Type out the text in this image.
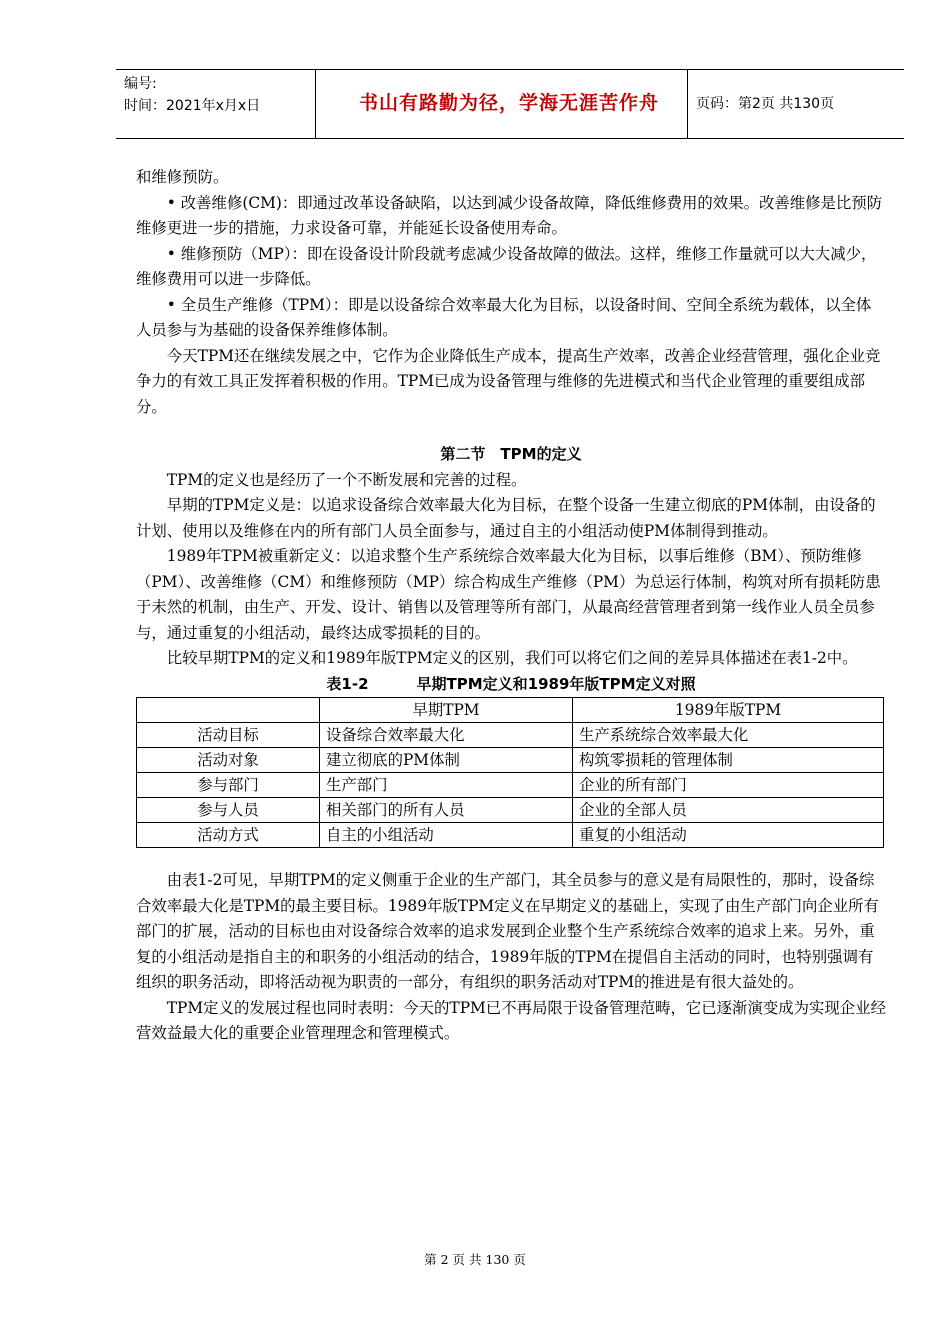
编号:
时间：2021年x月x日	书山有路勤为径，学海无涯苦作舟	页码：第2页 共130页

和维修预防。

• 改善维修(CM)：即通过改革设备缺陷，以达到减少设备故障，降低维修费用的效果。改善维修是比预防维修更进一步的措施，力求设备可靠，并能延长设备使用寿命。

• 维修预防（MP）：即在设备设计阶段就考虑减少设备故障的做法。这样，维修工作量就可以大大减少，维修费用可以进一步降低。

• 全员生产维修（TPM）：即是以设备综合效率最大化为目标，以设备时间、空间全系统为载体，以全体人员参与为基础的设备保养维修体制。

今天TPM还在继续发展之中，它作为企业降低生产成本，提高生产效率，改善企业经营管理，强化企业竞争力的有效工具正发挥着积极的作用。TPM已成为设备管理与维修的先进模式和当代企业管理的重要组成部分。

第二节　TPM的定义

TPM的定义也是经历了一个不断发展和完善的过程。

早期的TPM定义是：以追求设备综合效率最大化为目标，在整个设备一生建立彻底的PM体制，由设备的计划、使用以及维修在内的所有部门人员全面参与，通过自主的小组活动使PM体制得到推动。

1989年TPM被重新定义：以追求整个生产系统综合效率最大化为目标，以事后维修（BM）、预防维修（PM）、改善维修（CM）和维修预防（MP）综合构成生产维修（PM）为总运行体制，构筑对所有损耗防患于未然的机制，由生产、开发、设计、销售以及管理等所有部门，从最高经营管理者到第一线作业人员全员参与，通过重复的小组活动，最终达成零损耗的目的。

比较早期TPM的定义和1989年版TPM定义的区别，我们可以将它们之间的差异具体描述在表1-2中。

表1-2	早期TPM定义和1989年版TPM定义对照

	早期TPM	1989年版TPM
活动目标	设备综合效率最大化	生产系统综合效率最大化
活动对象	建立彻底的PM体制	构筑零损耗的管理体制
参与部门	生产部门	企业的所有部门
参与人员	相关部门的所有人员	企业的全部人员
活动方式	自主的小组活动	重复的小组活动

由表1-2可见，早期TPM的定义侧重于企业的生产部门，其全员参与的意义是有局限性的，那时，设备综合效率最大化是TPM的最主要目标。1989年版TPM定义在早期定义的基础上，实现了由生产部门向企业所有部门的扩展，活动的目标也由对设备综合效率的追求发展到企业整个生产系统综合效率的追求上来。另外，重复的小组活动是指自主的和职务的小组活动的结合，1989年版的TPM在提倡自主活动的同时，也特别强调有组织的职务活动，即将活动视为职责的一部分，有组织的职务活动对TPM的推进是有很大益处的。

TPM定义的发展过程也同时表明：今天的TPM已不再局限于设备管理范畴，它已逐渐演变成为实现企业经营效益最大化的重要企业管理理念和管理模式。

第 2 页 共 130 页
